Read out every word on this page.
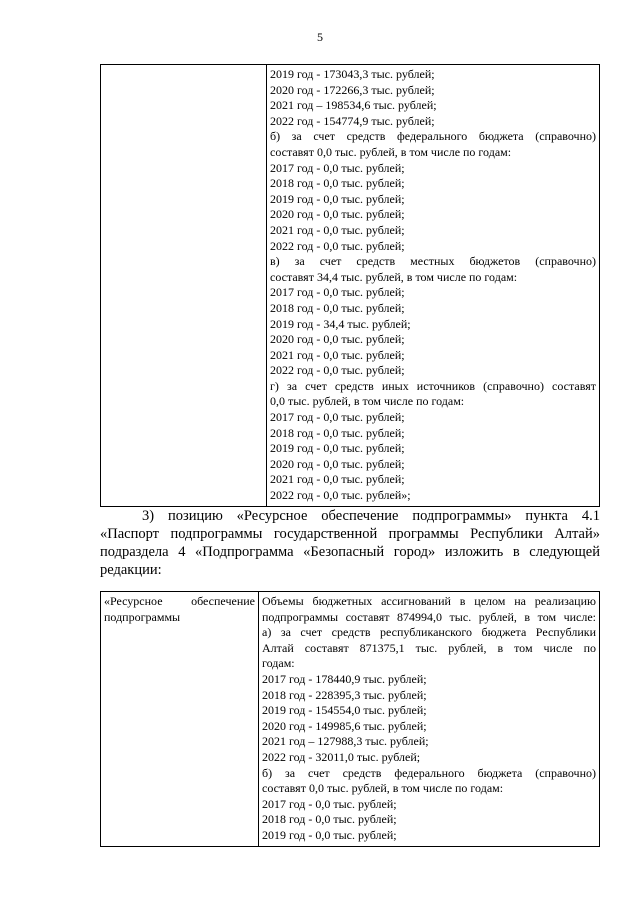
5

2019 год - 173043,3 тыс. рублей;
2020 год - 172266,3 тыс. рублей;
2021 год – 198534,6 тыс. рублей;
2022 год - 154774,9 тыс. рублей;
б) за счет средств федерального бюджета (справочно)
составят 0,0 тыс. рублей, в том числе по годам:
2017 год - 0,0 тыс. рублей;
2018 год - 0,0 тыс. рублей;
2019 год - 0,0 тыс. рублей;
2020 год - 0,0 тыс. рублей;
2021 год - 0,0 тыс. рублей;
2022 год - 0,0 тыс. рублей;
в) за счет средств местных бюджетов (справочно)
составят 34,4 тыс. рублей, в том числе по годам:
2017 год - 0,0 тыс. рублей;
2018 год - 0,0 тыс. рублей;
2019 год - 34,4 тыс. рублей;
2020 год - 0,0 тыс. рублей;
2021 год - 0,0 тыс. рублей;
2022 год - 0,0 тыс. рублей;
г) за счет средств иных источников (справочно) составят
0,0 тыс. рублей, в том числе по годам:
2017 год - 0,0 тыс. рублей;
2018 год - 0,0 тыс. рублей;
2019 год - 0,0 тыс. рублей;
2020 год - 0,0 тыс. рублей;
2021 год - 0,0 тыс. рублей;
2022 год - 0,0 тыс. рублей»;
3) позицию «Ресурсное обеспечение подпрограммы» пункта 4.1
«Паспорт подпрограммы государственной программы Республики Алтай»
подраздела 4 «Подпрограмма «Безопасный город» изложить в следующей
редакции:
«Ресурсное обеспечение
подпрограммы

Объемы бюджетных ассигнований в целом на реализацию
подпрограммы составят 874994,0 тыс. рублей, в том числе:
а) за счет средств республиканского бюджета Республики
Алтай составят 871375,1 тыс. рублей, в том числе по
годам:
2017 год - 178440,9 тыс. рублей;
2018 год - 228395,3 тыс. рублей;
2019 год - 154554,0 тыс. рублей;
2020 год - 149985,6 тыс. рублей;
2021 год – 127988,3 тыс. рублей;
2022 год - 32011,0 тыс. рублей;
б) за счет средств федерального бюджета (справочно)
составят 0,0 тыс. рублей, в том числе по годам:
2017 год - 0,0 тыс. рублей;
2018 год - 0,0 тыс. рублей;
2019 год - 0,0 тыс. рублей;
